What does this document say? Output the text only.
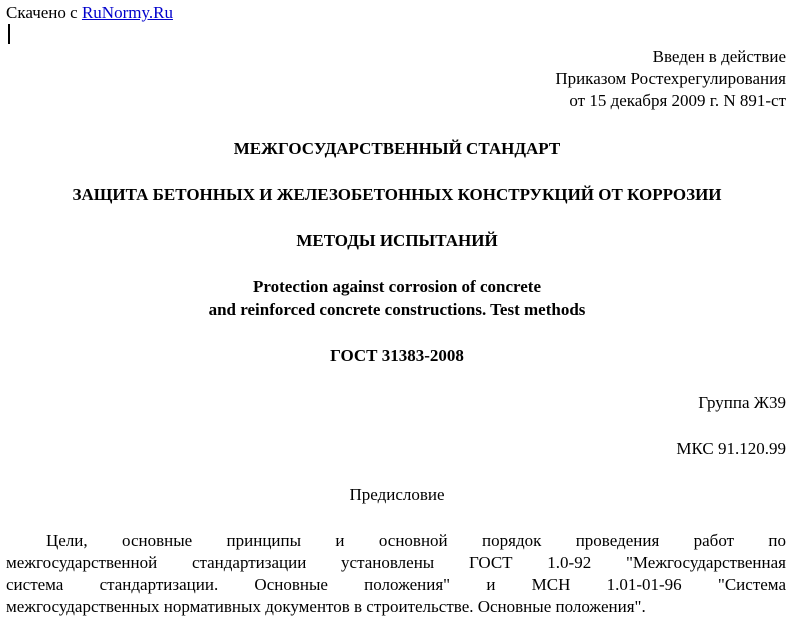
Скачено с RuNormy.Ru
Введен в действие
Приказом Ростехрегулирования
от 15 декабря 2009 г. N 891-ст
МЕЖГОСУДАРСТВЕННЫЙ СТАНДАРТ
ЗАЩИТА БЕТОННЫХ И ЖЕЛЕЗОБЕТОННЫХ КОНСТРУКЦИЙ ОТ КОРРОЗИИ
МЕТОДЫ ИСПЫТАНИЙ
Protection against corrosion of concrete
and reinforced concrete constructions. Test methods
ГОСТ 31383-2008
Группа Ж39
МКС 91.120.99
Предисловие
Цели, основные принципы и основной порядок проведения работ по
межгосударственной стандартизации установлены ГОСТ 1.0-92 "Межгосударственная
система стандартизации. Основные положения" и МСН 1.01-01-96 "Система
межгосударственных нормативных документов в строительстве. Основные положения".
